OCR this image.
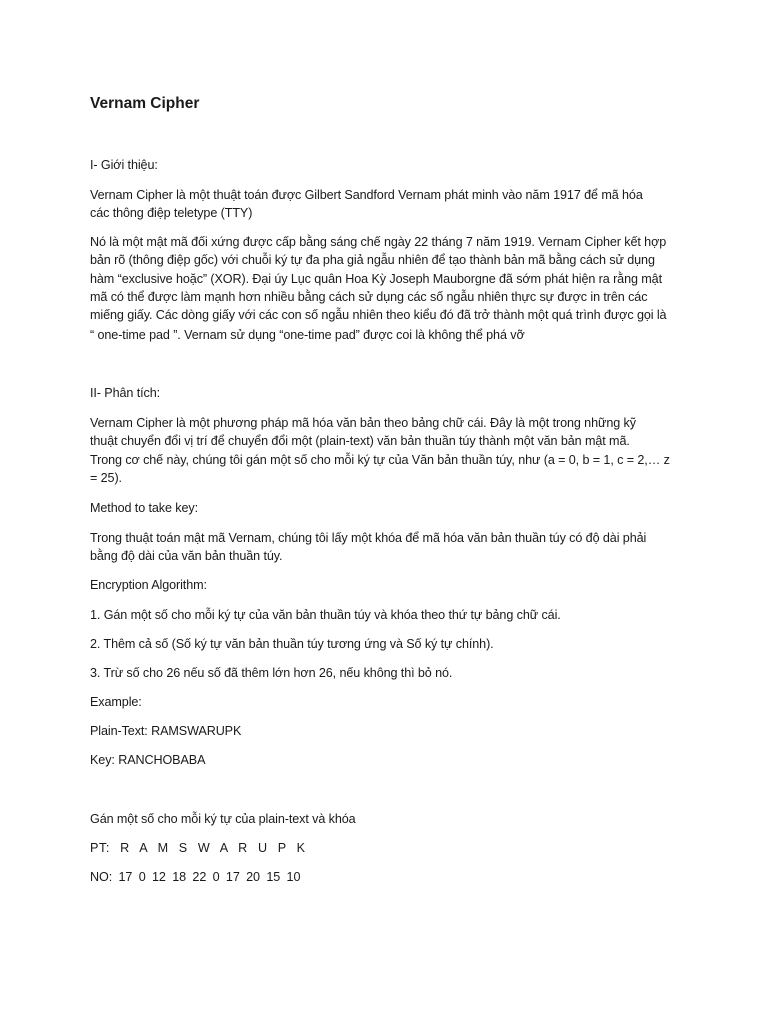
Vernam Cipher
I- Giới thiệu:
Vernam Cipher là một thuật toán được Gilbert Sandford Vernam phát minh vào năm 1917 để mã hóa
các thông điệp teletype (TTY)
Nó là một mật mã đối xứng được cấp bằng sáng chế ngày 22 tháng 7 năm 1919. Vernam Cipher kết hợp
bản rõ (thông điệp gốc) với chuỗi ký tự đa pha giả ngẫu nhiên để tạo thành bản mã bằng cách sử dụng
hàm “exclusive hoặc” (XOR). Đại úy Lục quân Hoa Kỳ Joseph Mauborgne đã sớm phát hiện ra rằng mật
mã có thể được làm mạnh hơn nhiều bằng cách sử dụng các số ngẫu nhiên thực sự được in trên các
miếng giấy. Các dòng giấy với các con số ngẫu nhiên theo kiểu đó đã trở thành một quá trình được gọi là
“ one-time pad ”. Vernam sử dụng “one-time pad” được coi là không thể phá vỡ
II- Phân tích:
Vernam Cipher là một phương pháp mã hóa văn bản theo bảng chữ cái. Đây là một trong những kỹ
thuật chuyển đổi vị trí để chuyển đổi một (plain-text) văn bản thuần túy thành một văn bản mật mã.
Trong cơ chế này, chúng tôi gán một số cho mỗi ký tự của Văn bản thuần túy, như (a = 0, b = 1, c = 2,… z
= 25).
Method to take key:
Trong thuật toán mật mã Vernam, chúng tôi lấy một khóa để mã hóa văn bản thuần túy có độ dài phải
bằng độ dài của văn bản thuần túy.
Encryption Algorithm:
1. Gán một số cho mỗi ký tự của văn bản thuần túy và khóa theo thứ tự bảng chữ cái.
2. Thêm cả số (Số ký tự văn bản thuần túy tương ứng và Số ký tự chính).
3. Trừ số cho 26 nếu số đã thêm lớn hơn 26, nếu không thì bỏ nó.
Example:
Plain-Text: RAMSWARUPK
Key: RANCHOBABA
Gán một số cho mỗi ký tự của plain-text và khóa
PT: R A M S W A R U P K
NO: 17 0 12 18 22 0 17 20 15 10
